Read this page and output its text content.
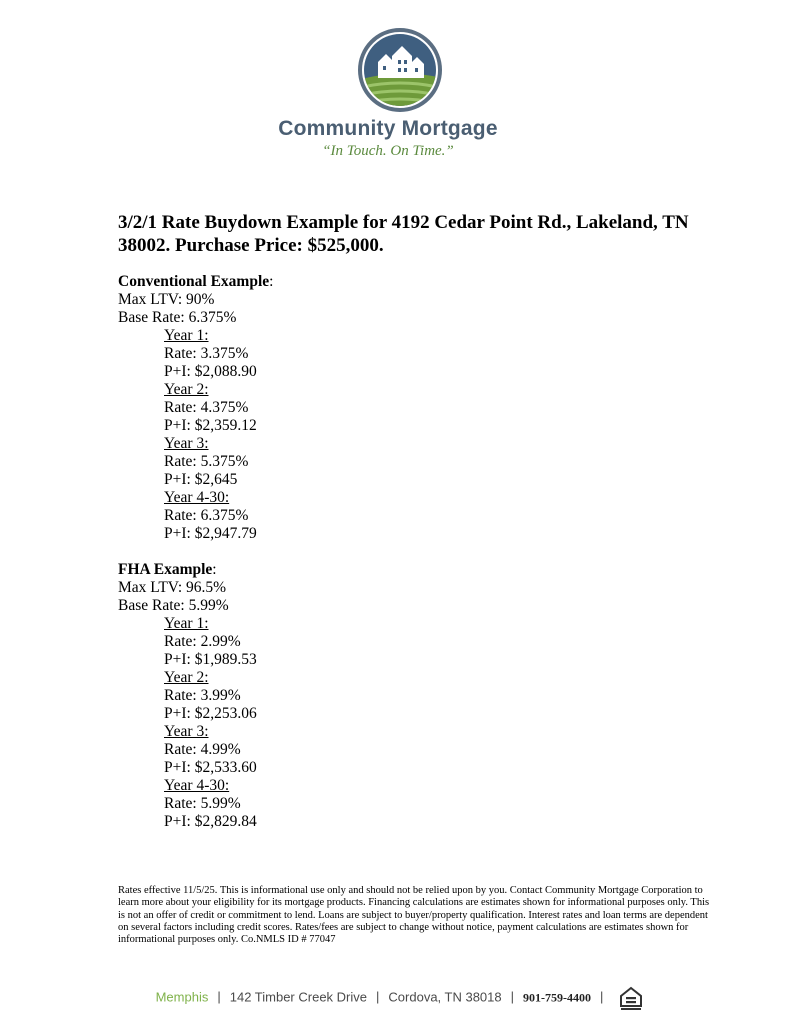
Community Mortgage
“In Touch. On Time.”
3/2/1 Rate Buydown Example for 4192 Cedar Point Rd., Lakeland, TN 38002. Purchase Price: $525,000.
Conventional Example:
Max LTV: 90%
Base Rate: 6.375%
Year 1:
Rate: 3.375%
P+I: $2,088.90
Year 2:
Rate: 4.375%
P+I: $2,359.12
Year 3:
Rate: 5.375%
P+I: $2,645
Year 4-30:
Rate: 6.375%
P+I: $2,947.79
FHA Example:
Max LTV: 96.5%
Base Rate: 5.99%
Year 1:
Rate: 2.99%
P+I: $1,989.53
Year 2:
Rate: 3.99%
P+I: $2,253.06
Year 3:
Rate: 4.99%
P+I: $2,533.60
Year 4-30:
Rate: 5.99%
P+I: $2,829.84
Rates effective 11/5/25. This is informational use only and should not be relied upon by you. Contact Community Mortgage Corporation to learn more about your eligibility for its mortgage products. Financing calculations are estimates shown for informational purposes only. This is not an offer of credit or commitment to lend. Loans are subject to buyer/property qualification. Interest rates and loan terms are dependent on several factors including credit scores. Rates/fees are subject to change without notice, payment calculations are estimates shown for informational purposes only. Co.NMLS ID # 77047
Memphis | 142 Timber Creek Drive | Cordova, TN 38018 | 901-759-4400 |
